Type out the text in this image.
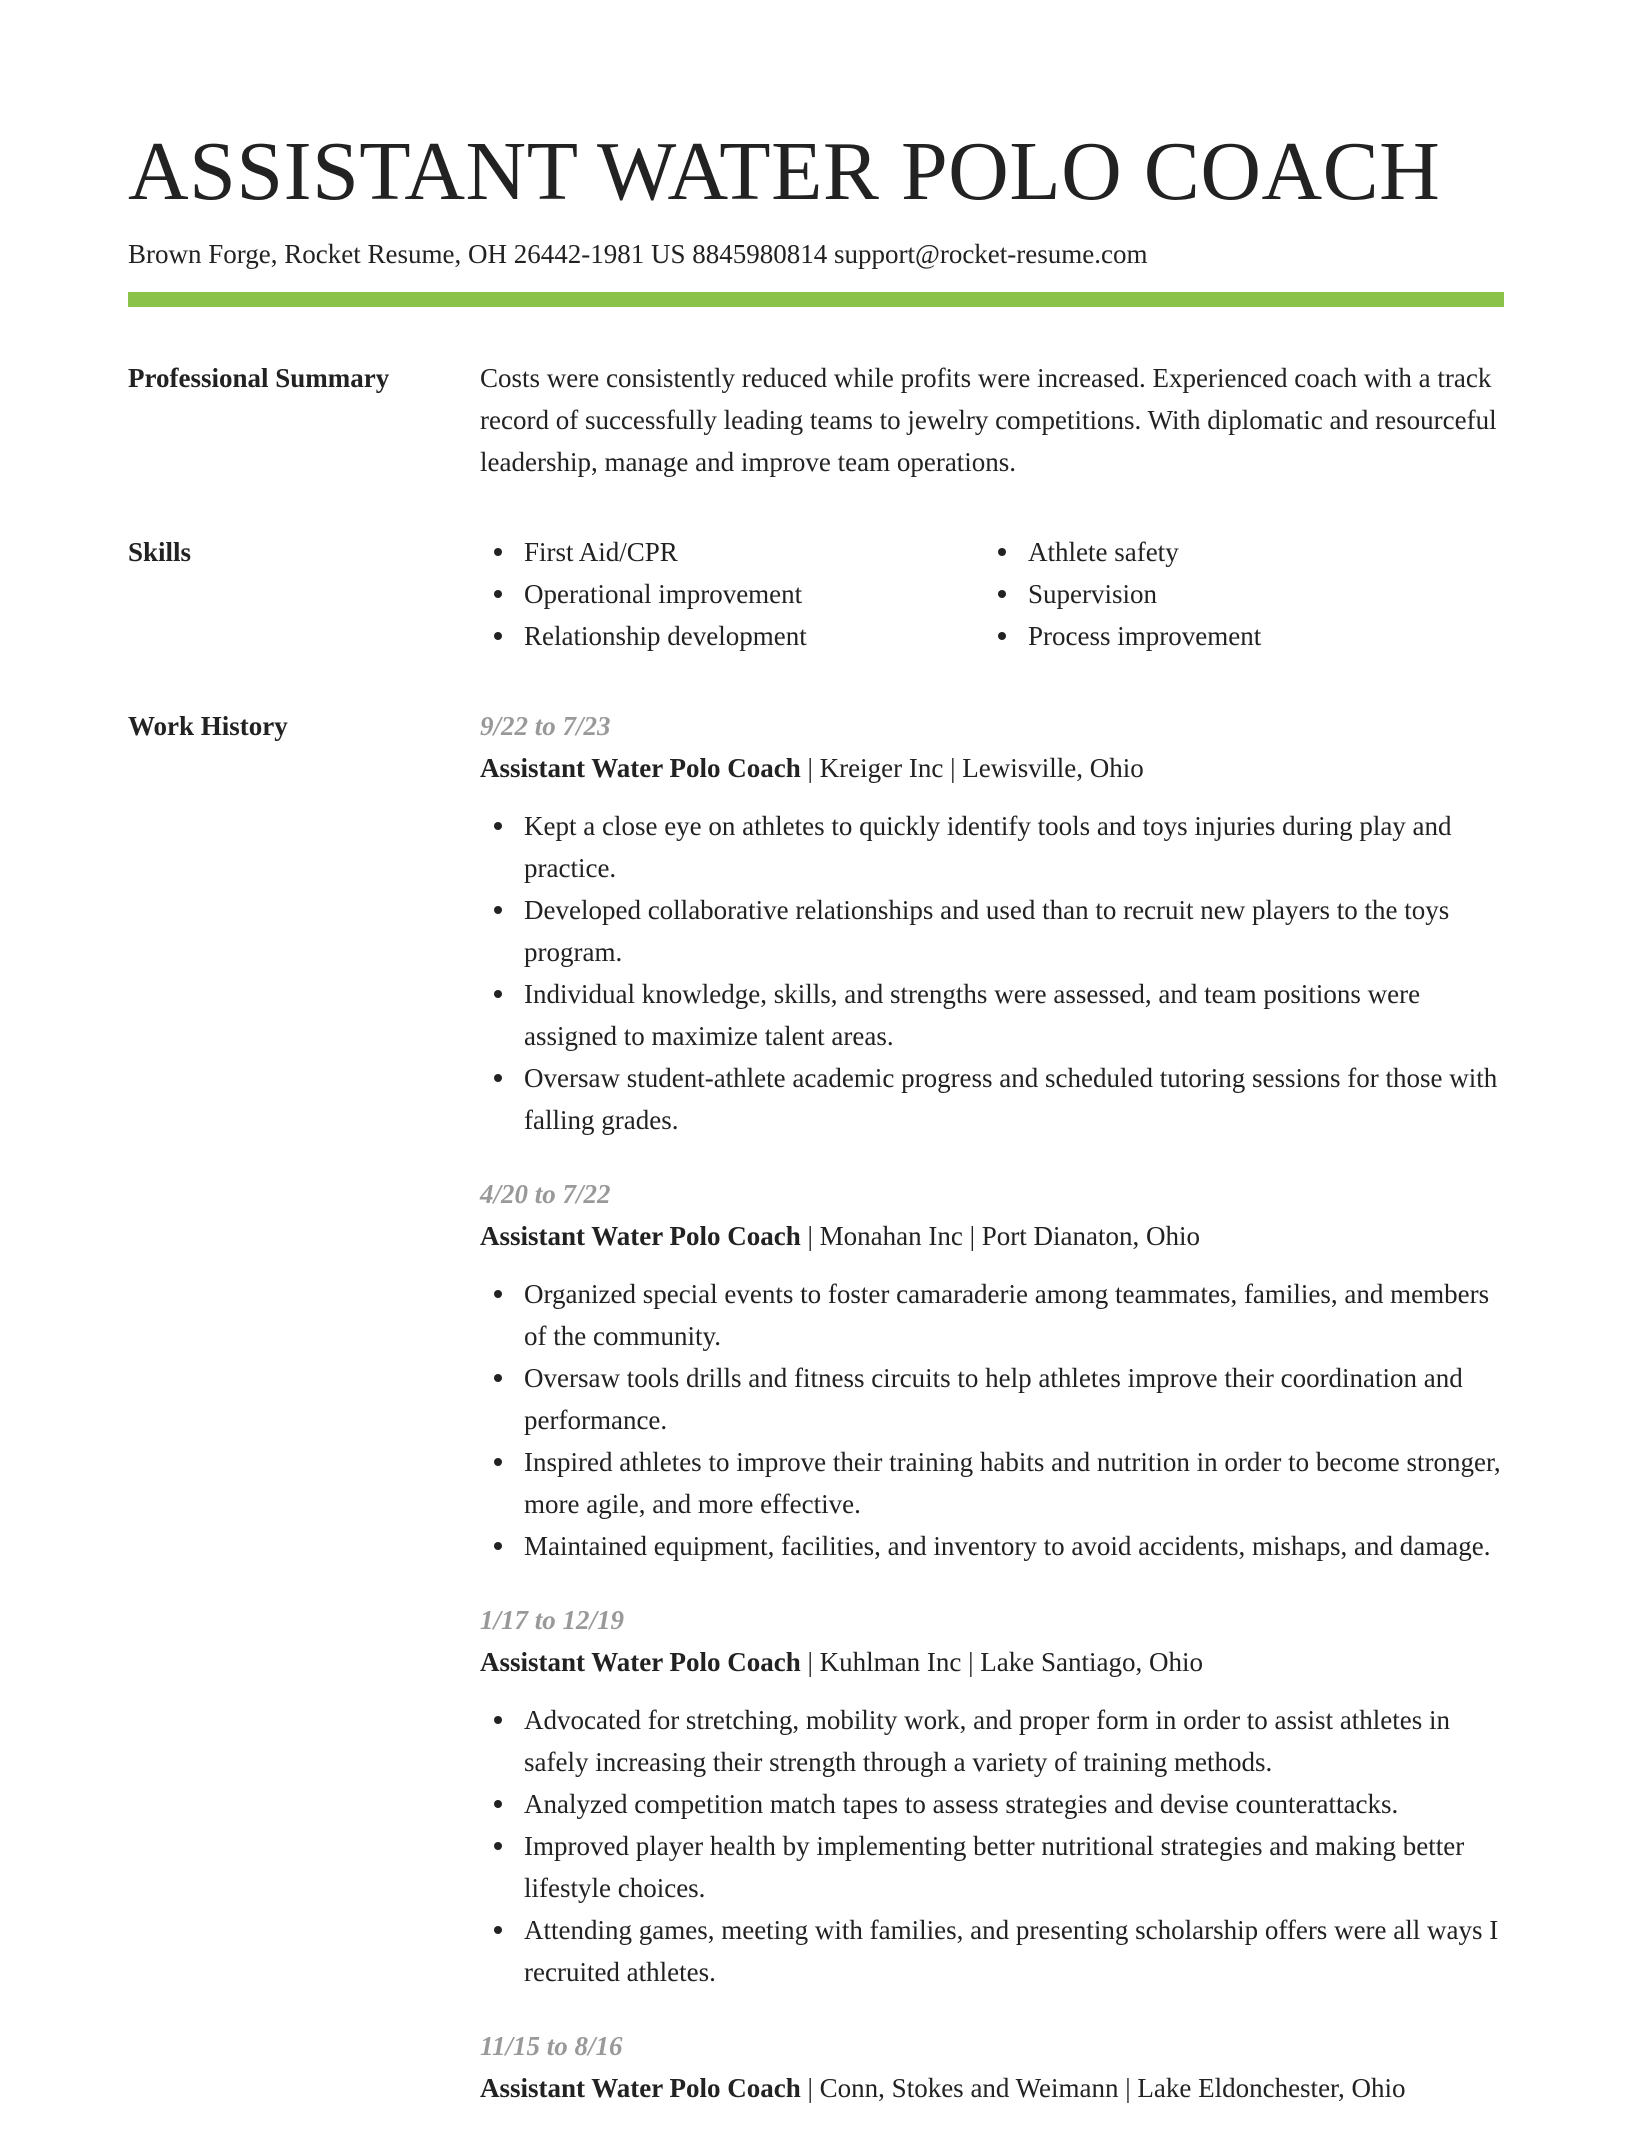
ASSISTANT WATER POLO COACH
Brown Forge, Rocket Resume, OH 26442-1981 US 8845980814 support@rocket-resume.com
Professional Summary	Costs were consistently reduced while profits were increased. Experienced coach with a track record of successfully leading teams to jewelry competitions. With diplomatic and resourceful leadership, manage and improve team operations.

Skills	First Aid/CPR	Athlete safety
Operational improvement	Supervision
Relationship development	Process improvement
Work History	9/22 to 7/23
Assistant Water Polo Coach | Kreiger Inc | Lewisville, Ohio
Kept a close eye on athletes to quickly identify tools and toys injuries during play and practice.
Developed collaborative relationships and used than to recruit new players to the toys program.
Individual knowledge, skills, and strengths were assessed, and team positions were assigned to maximize talent areas.
Oversaw student-athlete academic progress and scheduled tutoring sessions for those with falling grades.
4/20 to 7/22
Assistant Water Polo Coach | Monahan Inc | Port Dianaton, Ohio
Organized special events to foster camaraderie among teammates, families, and members of the community.
Oversaw tools drills and fitness circuits to help athletes improve their coordination and performance.
Inspired athletes to improve their training habits and nutrition in order to become stronger, more agile, and more effective.
Maintained equipment, facilities, and inventory to avoid accidents, mishaps, and damage.
1/17 to 12/19
Assistant Water Polo Coach | Kuhlman Inc | Lake Santiago, Ohio
Advocated for stretching, mobility work, and proper form in order to assist athletes in safely increasing their strength through a variety of training methods.
Analyzed competition match tapes to assess strategies and devise counterattacks.
Improved player health by implementing better nutritional strategies and making better lifestyle choices.
Attending games, meeting with families, and presenting scholarship offers were all ways I recruited athletes.
11/15 to 8/16
Assistant Water Polo Coach | Conn, Stokes and Weimann | Lake Eldonchester, Ohio
